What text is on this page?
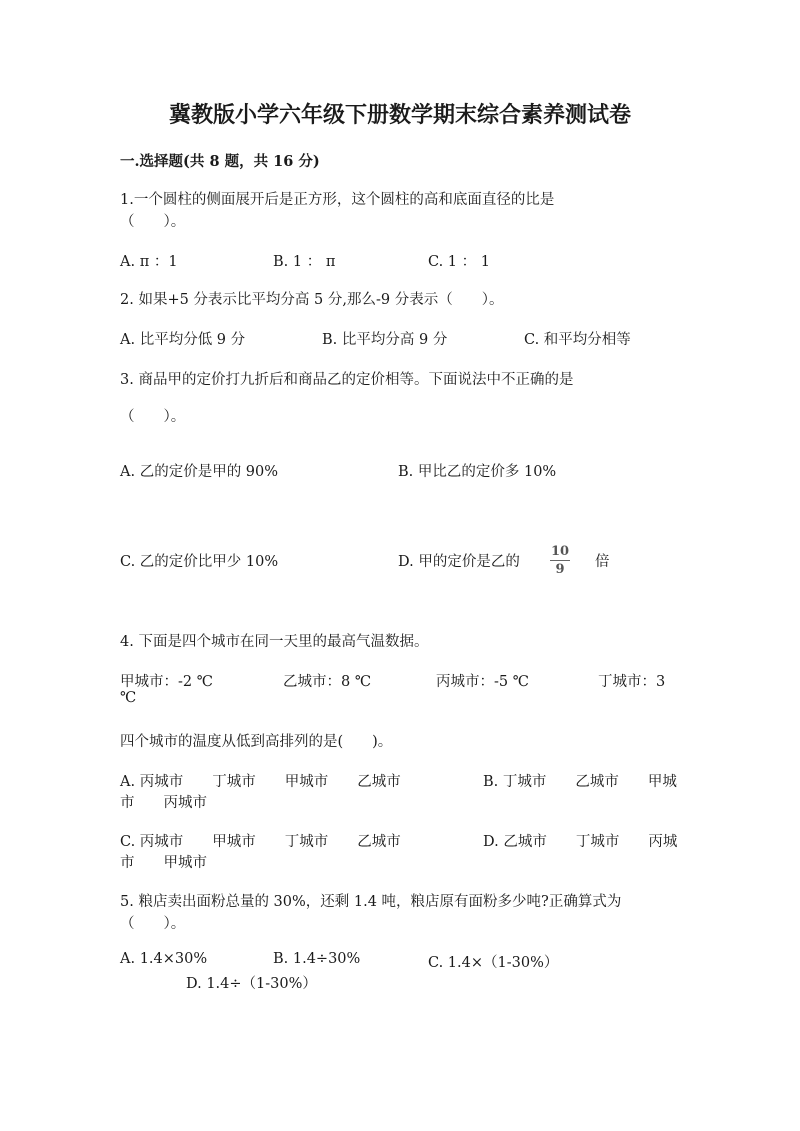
冀教版小学六年级下册数学期末综合素养测试卷
一.选择题(共 8 题，共 16 分)
1.一个圆柱的侧面展开后是正方形，这个圆柱的高和底面直径的比是
（　　）。
A. π ：1	B. 1 ： π	C. 1 ： 1
2. 如果+5 分表示比平均分高 5 分,那么-9 分表示（　　）。
A. 比平均分低 9 分	B. 比平均分高 9 分	C. 和平均分相等
3. 商品甲的定价打九折后和商品乙的定价相等。下面说法中不正确的是
（　　）。
A. 乙的定价是甲的 90%	B. 甲比乙的定价多 10%
C. 乙的定价比甲少 10%	D. 甲的定价是乙的
10
9	倍
4. 下面是四个城市在同一天里的最高气温数据。
甲城市：-2 ℃	乙城市：8 ℃	丙城市：-5 ℃	丁城市：3
℃
四个城市的温度从低到高排列的是(　　)。
A. 丙城市　　丁城市　　甲城市　　乙城市	B. 丁城市　　乙城市　　甲城
市　　丙城市
C. 丙城市　　甲城市　　丁城市　　乙城市	D. 乙城市　　丁城市　　丙城
市　　甲城市
5. 粮店卖出面粉总量的 30%，还剩 1.4 吨，粮店原有面粉多少吨?正确算式为
（　　）。
A. 1.4×30%	B. 1.4÷30%	C. 1.4×（1-30%）
D. 1.4÷（1-30%）
